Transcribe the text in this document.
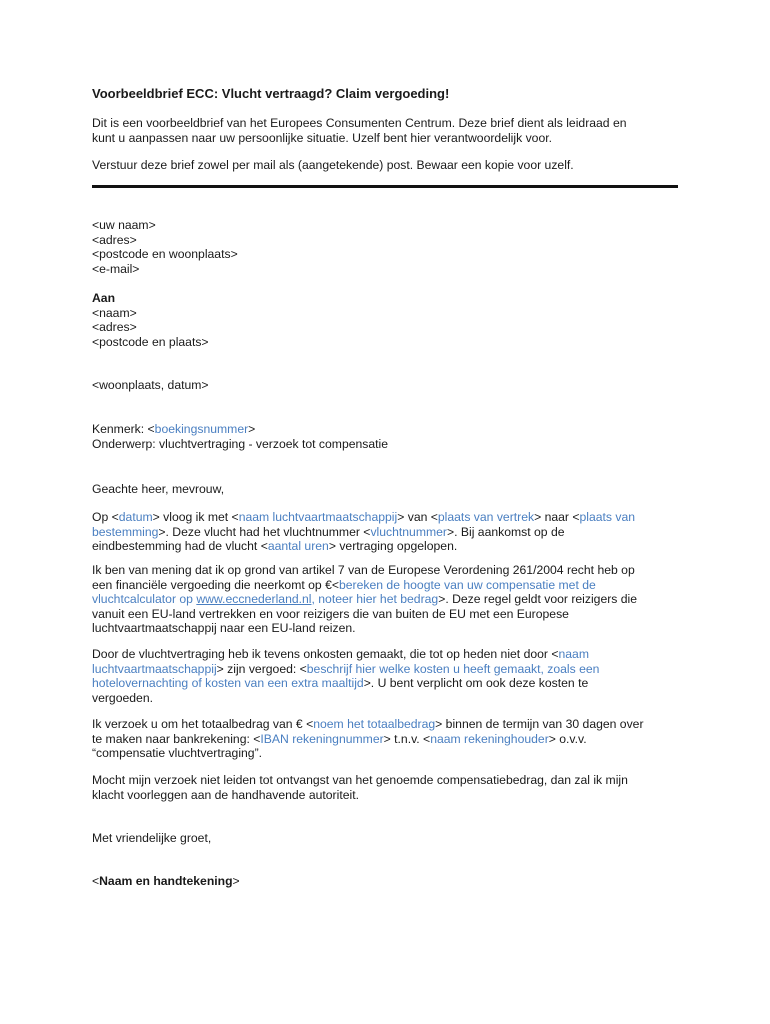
Voorbeeldbrief ECC: Vlucht vertraagd? Claim vergoeding!

Dit is een voorbeeldbrief van het Europees Consumenten Centrum. Deze brief dient als leidraad en

kunt u aanpassen naar uw persoonlijke situatie. Uzelf bent hier verantwoordelijk voor.

Verstuur deze brief zowel per mail als (aangetekende) post. Bewaar een kopie voor uzelf.

<uw naam>

<adres>

<postcode en woonplaats>

<e-mail>

Aan

<naam>

<adres>

<postcode en plaats>

<woonplaats, datum>

Kenmerk: <boekingsnummer>

Onderwerp: vluchtvertraging - verzoek tot compensatie

Geachte heer, mevrouw,

Op <datum> vloog ik met <naam luchtvaartmaatschappij> van <plaats van vertrek> naar <plaats van

bestemming>. Deze vlucht had het vluchtnummer <vluchtnummer>. Bij aankomst op de

eindbestemming had de vlucht <aantal uren> vertraging opgelopen.

Ik ben van mening dat ik op grond van artikel 7 van de Europese Verordening 261/2004 recht heb op

een financiële vergoeding die neerkomt op €<bereken de hoogte van uw compensatie met de

vluchtcalculator op www.eccnederland.nl, noteer hier het bedrag>. Deze regel geldt voor reizigers die

vanuit een EU-land vertrekken en voor reizigers die van buiten de EU met een Europese

luchtvaartmaatschappij naar een EU-land reizen.

Door de vluchtvertraging heb ik tevens onkosten gemaakt, die tot op heden niet door <naam

luchtvaartmaatschappij> zijn vergoed: <beschrijf hier welke kosten u heeft gemaakt, zoals een

hotelovernachting of kosten van een extra maaltijd>. U bent verplicht om ook deze kosten te

vergoeden.

Ik verzoek u om het totaalbedrag van € <noem het totaalbedrag> binnen de termijn van 30 dagen over

te maken naar bankrekening: <IBAN rekeningnummer> t.n.v. <naam rekeninghouder> o.v.v.

“compensatie vluchtvertraging”.

Mocht mijn verzoek niet leiden tot ontvangst van het genoemde compensatiebedrag, dan zal ik mijn

klacht voorleggen aan de handhavende autoriteit.

Met vriendelijke groet,

<Naam en handtekening>
